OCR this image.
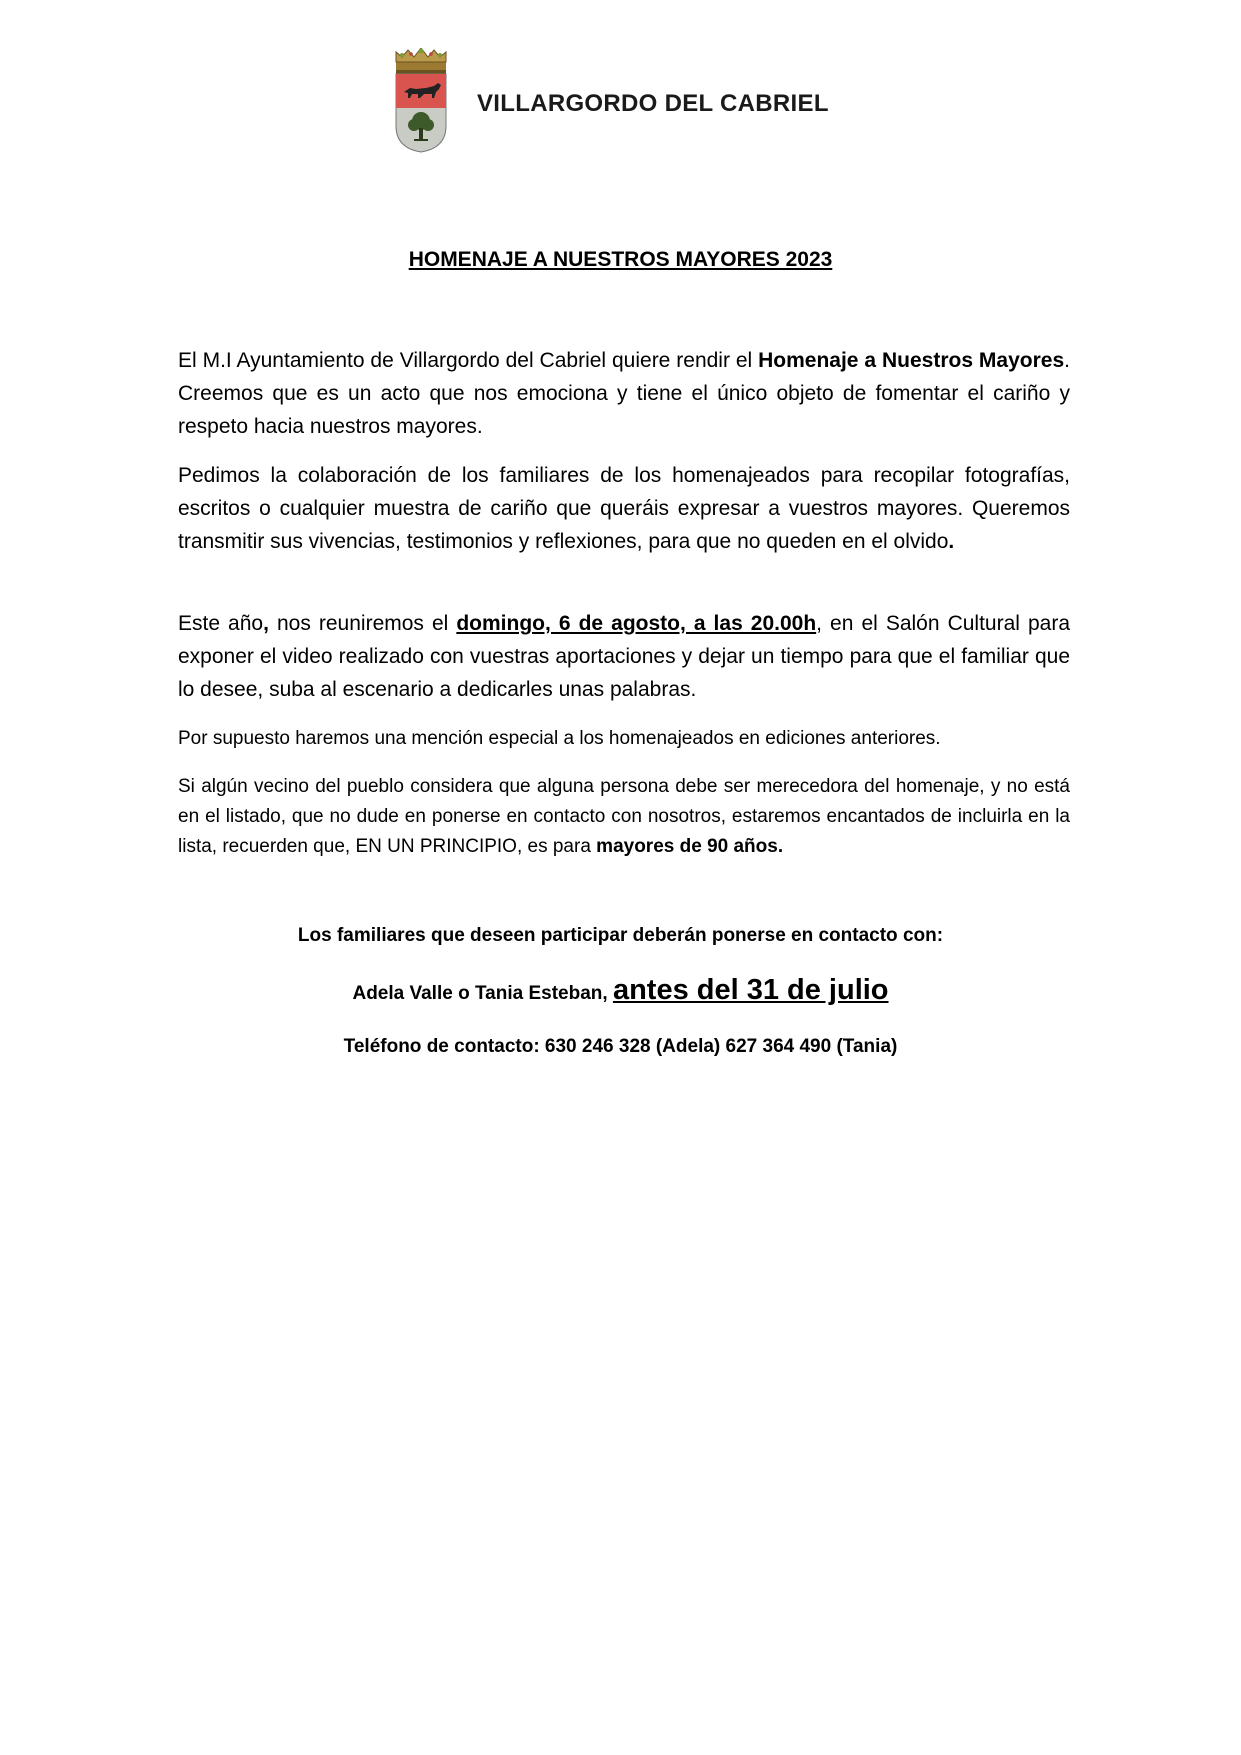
VILLARGORDO DEL CABRIEL
HOMENAJE A NUESTROS MAYORES 2023

El M.I Ayuntamiento de Villargordo del Cabriel quiere rendir el Homenaje a Nuestros Mayores. Creemos que es un acto que nos emociona y tiene el único objeto de fomentar el cariño y respeto hacia nuestros mayores.

Pedimos la colaboración de los familiares de los homenajeados para recopilar fotografías, escritos o cualquier muestra de cariño que queráis expresar a vuestros mayores. Queremos transmitir sus vivencias, testimonios y reflexiones, para que no queden en el olvido.

Este año, nos reuniremos el domingo, 6 de agosto, a las 20.00h, en el Salón Cultural para exponer el video realizado con vuestras aportaciones y dejar un tiempo para que el familiar que lo desee, suba al escenario a dedicarles unas palabras.

Por supuesto haremos una mención especial a los homenajeados en ediciones anteriores.

Si algún vecino del pueblo considera que alguna persona debe ser merecedora del homenaje, y no está en el listado, que no dude en ponerse en contacto con nosotros, estaremos encantados de incluirla en la lista, recuerden que, EN UN PRINCIPIO, es para mayores de 90 años.

Los familiares que deseen participar deberán ponerse en contacto con:

Adela Valle o Tania Esteban, antes del 31 de julio

Teléfono de contacto: 630 246 328 (Adela) 627 364 490 (Tania)
